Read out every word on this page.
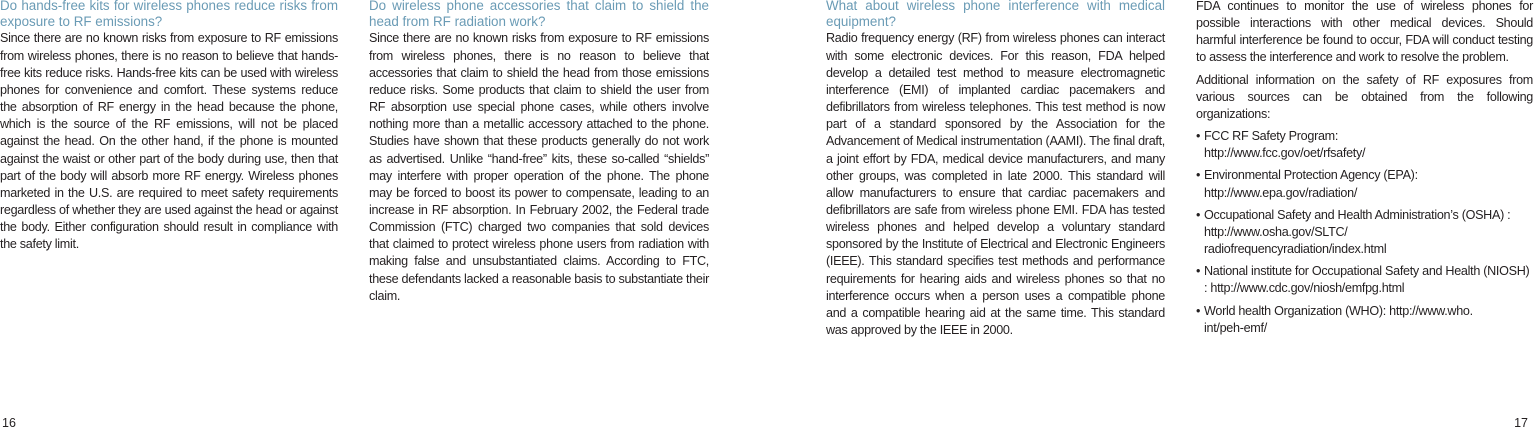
Do hands-free kits for wireless phones reduce risks from exposure to RF emissions?

Since there are no known risks from exposure to RF emissions from wireless phones, there is no reason to believe that hands-free kits reduce risks. Hands-free kits can be used with wireless phones for convenience and comfort. These systems reduce the absorption of RF energy in the head because the phone, which is the source of the RF emissions, will not be placed against the head. On the other hand, if the phone is mounted against the waist or other part of the body during use, then that part of the body will absorb more RF energy. Wireless phones marketed in the U.S. are required to meet safety requirements regardless of whether they are used against the head or against the body. Either configuration should result in compliance with the safety limit.

Do wireless phone accessories that claim to shield the head from RF radiation work?

Since there are no known risks from exposure to RF emissions from wireless phones, there is no reason to believe that accessories that claim to shield the head from those emissions reduce risks. Some products that claim to shield the user from RF absorption use special phone cases, while others involve nothing more than a metallic accessory attached to the phone. Studies have shown that these products generally do not work as advertised. Unlike “hand-free” kits, these so-called “shields” may interfere with proper operation of the phone. The phone may be forced to boost its power to compensate, leading to an increase in RF absorption. In February 2002, the Federal trade Commission (FTC) charged two companies that sold devices that claimed to protect wireless phone users from radiation with making false and unsubstantiated claims. According to FTC, these defendants lacked a reasonable basis to substantiate their claim.

What about wireless phone interference with medical equipment?

Radio frequency energy (RF) from wireless phones can interact with some electronic devices. For this reason, FDA helped develop a detailed test method to measure electromagnetic interference (EMI) of implanted cardiac pacemakers and defibrillators from wireless telephones. This test method is now part of a standard sponsored by the Association for the Advancement of Medical instrumentation (AAMI). The final draft, a joint effort by FDA, medical device manufacturers, and many other groups, was completed in late 2000. This standard will allow manufacturers to ensure that cardiac pacemakers and defibrillators are safe from wireless phone EMI. FDA has tested wireless phones and helped develop a voluntary standard sponsored by the Institute of Electrical and Electronic Engineers (IEEE). This standard specifies test methods and performance requirements for hearing aids and wireless phones so that no interference occurs when a person uses a compatible phone and a compatible hearing aid at the same time. This standard was approved by the IEEE in 2000.

FDA continues to monitor the use of wireless phones for possible interactions with other medical devices. Should harmful interference be found to occur, FDA will conduct testing to assess the interference and work to resolve the problem.

Additional information on the safety of RF exposures from various sources can be obtained from the following organizations:

• FCC RF Safety Program:
http://www.fcc.gov/oet/rfsafety/
• Environmental Protection Agency (EPA):
http://www.epa.gov/radiation/
• Occupational Safety and Health Administration’s (OSHA) : http://www.osha.gov/SLTC/
radiofrequencyradiation/index.html
• National institute for Occupational Safety and Health (NIOSH) : http://www.cdc.gov/niosh/emfpg.html
• World health Organization (WHO): http://www.who.
int/peh-emf/
16	17
